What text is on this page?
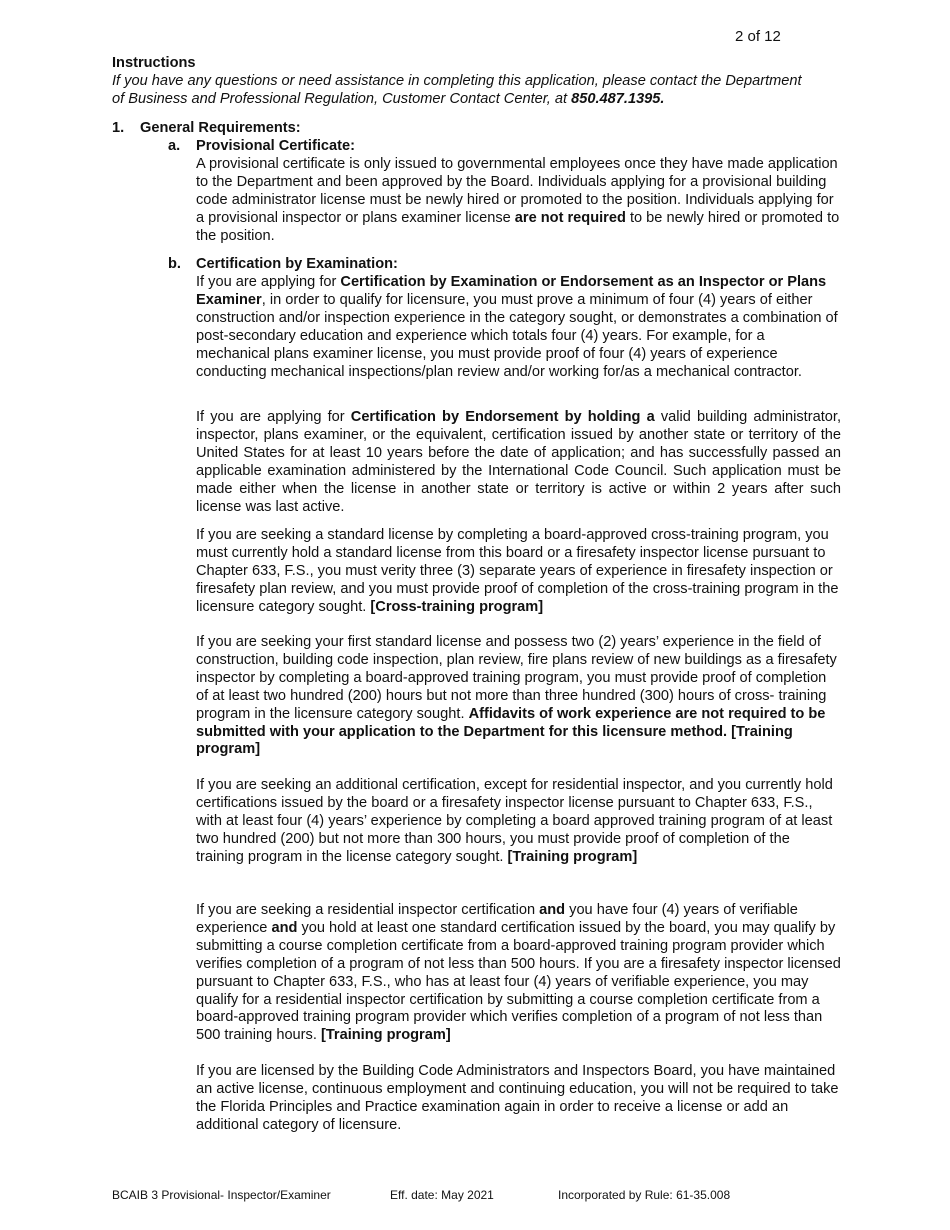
2 of 12
Instructions
If you have any questions or need assistance in completing this application, please contact the Department of Business and Professional Regulation, Customer Contact Center, at 850.487.1395.
1. General Requirements:
a. Provisional Certificate:

A provisional certificate is only issued to governmental employees once they have made application to the Department and been approved by the Board. Individuals applying for a provisional building code administrator license must be newly hired or promoted to the position. Individuals applying for a provisional inspector or plans examiner license are not required to be newly hired or promoted to the position.

b. Certification by Examination:

If you are applying for Certification by Examination or Endorsement as an Inspector or Plans Examiner, in order to qualify for licensure, you must prove a minimum of four (4) years of either construction and/or inspection experience in the category sought, or demonstrates a combination of post-secondary education and experience which totals four (4) years. For example, for a mechanical plans examiner license, you must provide proof of four (4) years of experience conducting mechanical inspections/plan review and/or working for/as a mechanical contractor.

If you are applying for Certification by Endorsement by holding a valid building administrator, inspector, plans examiner, or the equivalent, certification issued by another state or territory of the United States for at least 10 years before the date of application; and has successfully passed an applicable examination administered by the International Code Council. Such application must be made either when the license in another state or territory is active or within 2 years after such license was last active.

If you are seeking a standard license by completing a board-approved cross-training program, you must currently hold a standard license from this board or a firesafety inspector license pursuant to Chapter 633, F.S., you must verity three (3) separate years of experience in firesafety inspection or firesafety plan review, and you must provide proof of completion of the cross-training program in the licensure category sought. [Cross-training program]

If you are seeking your first standard license and possess two (2) years’ experience in the field of construction, building code inspection, plan review, fire plans review of new buildings as a firesafety inspector by completing a board-approved training program, you must provide proof of completion of at least two hundred (200) hours but not more than three hundred (300) hours of cross- training program in the licensure category sought. Affidavits of work experience are not required to be submitted with your application to the Department for this licensure method. [Training program]

If you are seeking an additional certification, except for residential inspector, and you currently hold certifications issued by the board or a firesafety inspector license pursuant to Chapter 633, F.S., with at least four (4) years’ experience by completing a board approved training program of at least two hundred (200) but not more than 300 hours, you must provide proof of completion of the training program in the license category sought. [Training program]

If you are seeking a residential inspector certification and you have four (4) years of verifiable experience and you hold at least one standard certification issued by the board, you may qualify by submitting a course completion certificate from a board-approved training program provider which verifies completion of a program of not less than 500 hours. If you are a firesafety inspector licensed pursuant to Chapter 633, F.S., who has at least four (4) years of verifiable experience, you may qualify for a residential inspector certification by submitting a course completion certificate from a board-approved training program provider which verifies completion of a program of not less than 500 training hours. [Training program]

If you are licensed by the Building Code Administrators and Inspectors Board, you have maintained an active license, continuous employment and continuing education, you will not be required to take the Florida Principles and Practice examination again in order to receive a license or add an additional category of licensure.

BCAIB 3 Provisional- Inspector/Examiner	Eff. date: May 2021	Incorporated by Rule: 61-35.008
